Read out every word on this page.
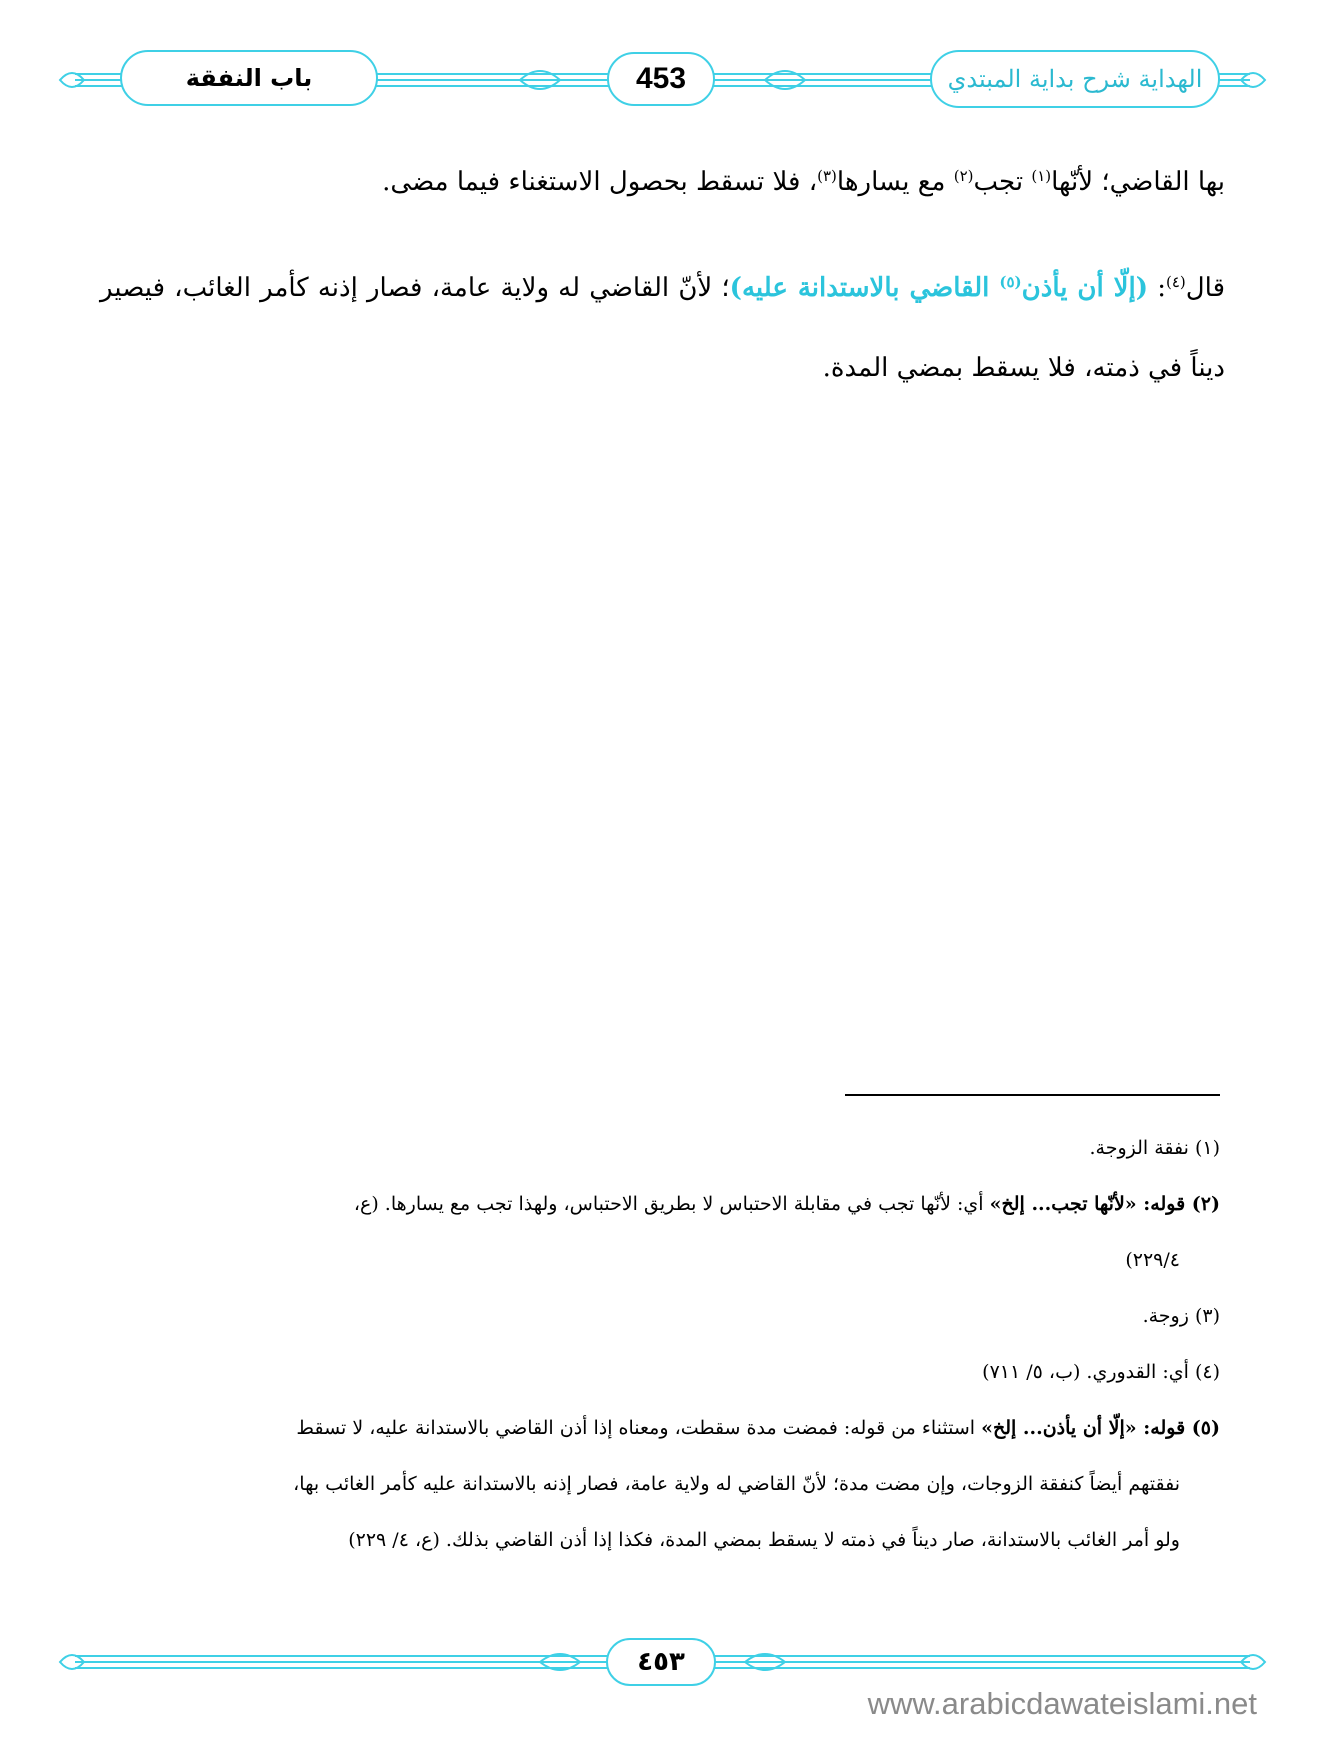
الهداية شرح بداية المبتدي
453
باب النفقة
بها القاضي؛ لأنّها$^{(١)}$ تجب$^{(٢)}$ مع يسارها$^{(٣)}$، فلا تسقط بحصول الاستغناء فيما مضى.
قال$^{(٤)}$: (إلّا أن يأذن$^{(٥)}$ القاضي بالاستدانة عليه)؛ لأنّ القاضي له ولاية عامة، فصار إذنه كأمر الغائب، فيصير ديناً في ذمته، فلا يسقط بمضي المدة.

(١) نفقة الزوجة.

(٢) قوله: «لأنّها تجب... إلخ» أي: لأنّها تجب في مقابلة الاحتباس لا بطريق الاحتباس، ولهذا تجب مع يسارها. (ع،
٢٢٩/٤)

(٣) زوجة.

(٤) أي: القدوري. (ب، ٥/ ٧١١)

(٥) قوله: «إلّا أن يأذن... إلخ» استثناء من قوله: فمضت مدة سقطت، ومعناه إذا أذن القاضي بالاستدانة عليه، لا تسقط
نفقتهم أيضاً كنفقة الزوجات، وإن مضت مدة؛ لأنّ القاضي له ولاية عامة، فصار إذنه بالاستدانة عليه كأمر الغائب بها،
ولو أمر الغائب بالاستدانة، صار ديناً في ذمته لا يسقط بمضي المدة، فكذا إذا أذن القاضي بذلك. (ع، ٤/ ٢٢٩)

٤٥٣
www.arabicdawateislami.net
